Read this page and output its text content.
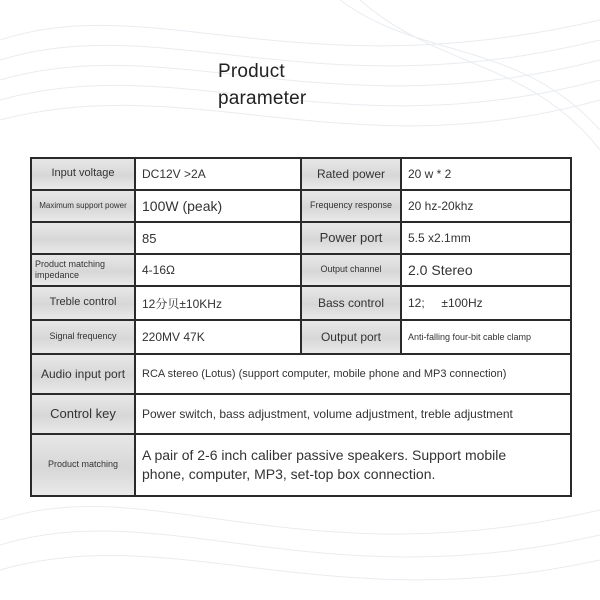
Product
parameter
Input voltage	DC12V >2A	Rated power	20 w * 2
Maximum support power	100W (peak)	Frequency response	20 hz-20khz
	85	Power port	5.5 x2.1mm
Product matching impedance	4-16Ω	Output channel	2.0 Stereo
Treble control	12分贝±10KHz	Bass control	12;     ±100Hz
Signal frequency	220MV 47K	Output port	Anti-falling four-bit cable clamp
Audio input port	RCA stereo (Lotus) (support computer, mobile phone and MP3 connection)		
Control key	Power switch, bass adjustment, volume adjustment, treble adjustment		
Product matching	A pair of 2-6 inch caliber passive speakers. Support mobile phone, computer, MP3, set-top box connection.		
